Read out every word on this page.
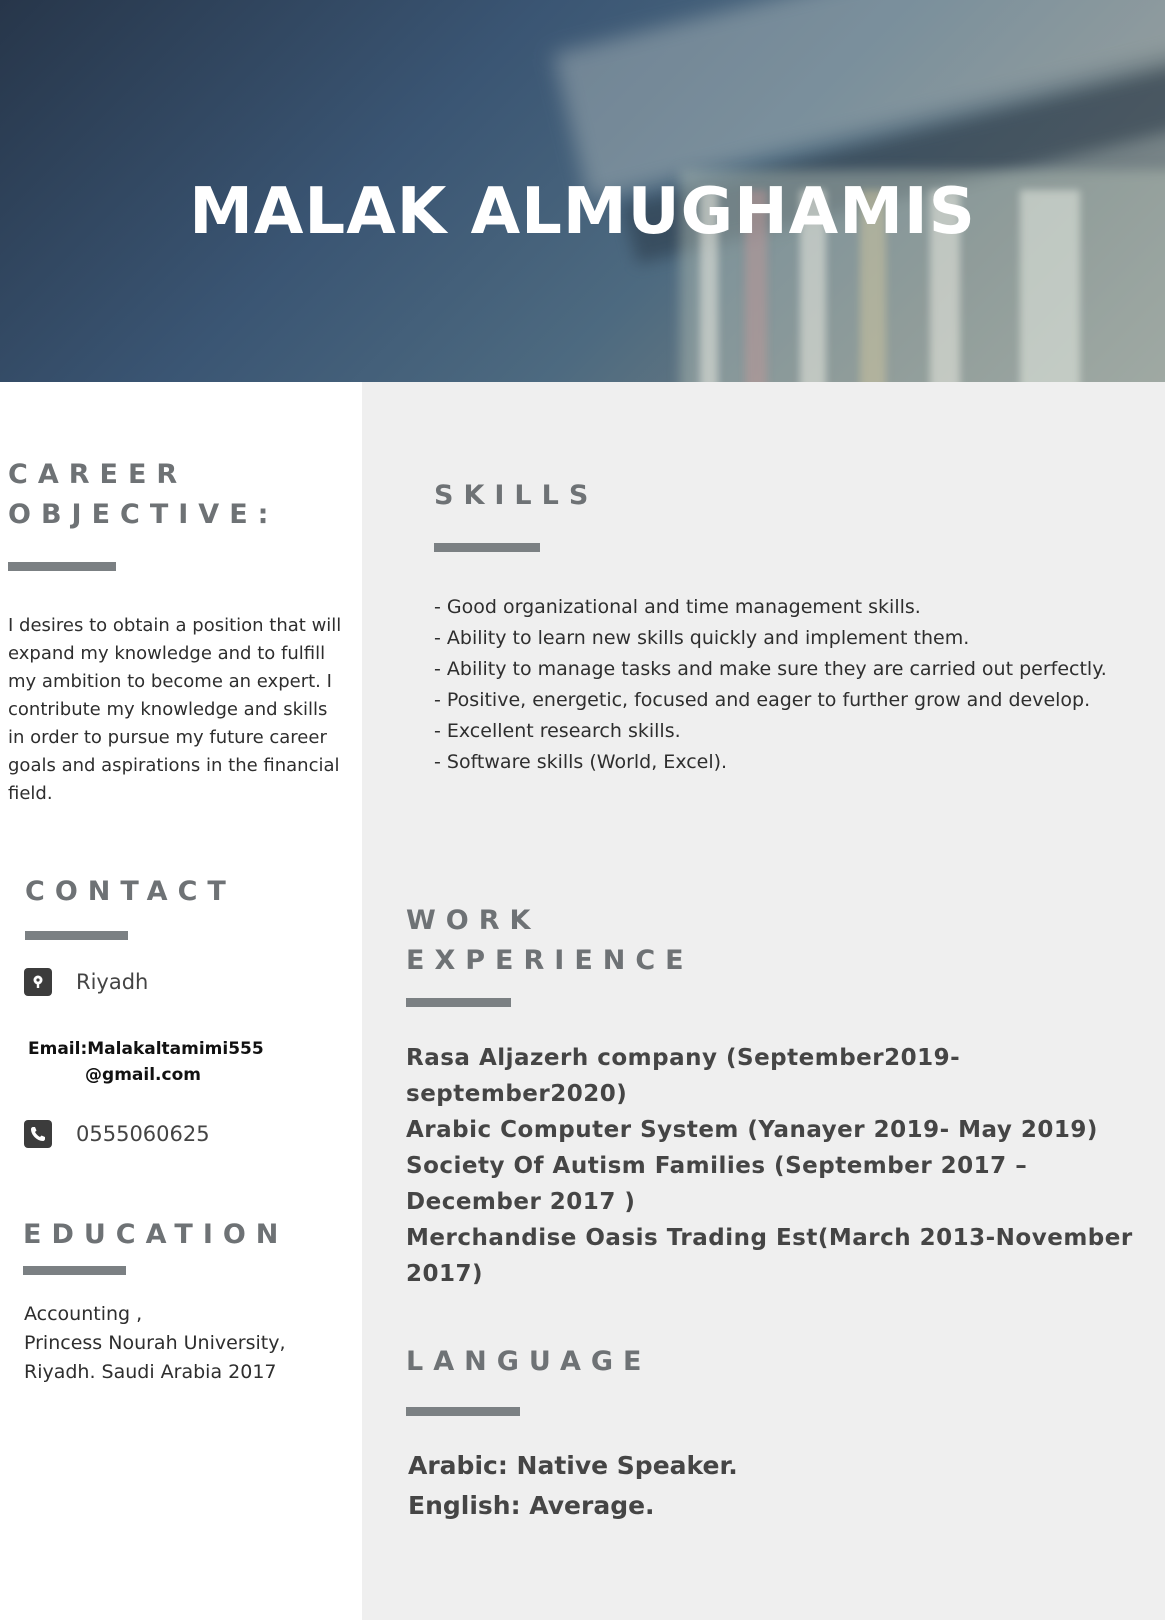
MALAK ALMUGHAMIS
CAREER
OBJECTIVE:
I desires to obtain a position that will expand my knowledge and to fulfill my ambition to become an expert. I contribute my knowledge and skills in order to pursue my future career goals and aspirations in the financial field.
CONTACT
Riyadh
Email:Malakaltamimi555
@gmail.com
0555060625
EDUCATION
Accounting ,
Princess Nourah University,
Riyadh. Saudi Arabia 2017
SKILLS
- Good organizational and time management skills.
- Ability to learn new skills quickly and implement them.
- Ability to manage tasks and make sure they are carried out perfectly.
- Positive, energetic, focused and eager to further grow and develop.
- Excellent research skills.
- Software skills (World, Excel).
WORK
EXPERIENCE
Rasa Aljazerh company (September2019- september2020)
Arabic Computer System (Yanayer 2019- May 2019)
Society Of Autism Families (September 2017 – December 2017 )
Merchandise Oasis Trading Est(March 2013-November 2017)
LANGUAGE
Arabic: Native Speaker.
English: Average.
